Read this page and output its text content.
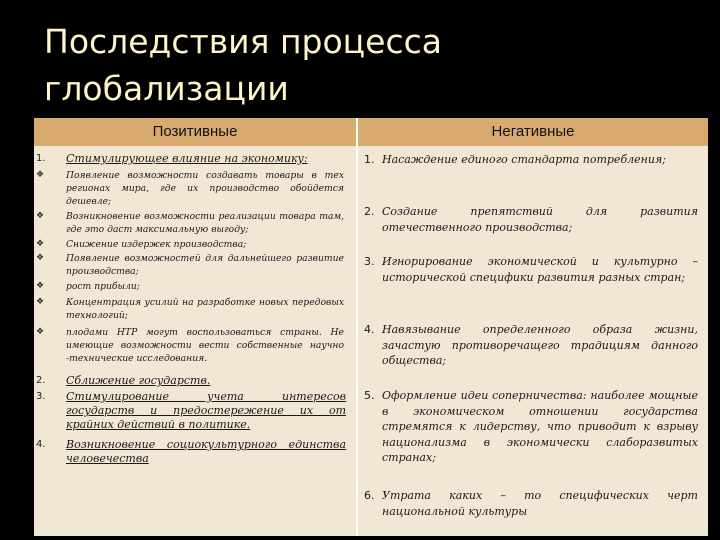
Последствия процесса
глобализации
Позитивные	Негативные
1.	Стимулирующее влияние на экономику:
❖ Появление возможности создавать товары в тех регионах мира, где их производство обойдется дешевле;
❖ Возникновение возможности реализации товара там, где это даст максимальную выгоду;
❖ Снижение издержек производства;
❖ Появление возможностей для дальнейшего развитие производства;
❖ рост прибыли;
❖ Концентрация усилий на разработке новых передовых технологий;
❖ плодами НТР могут воспользоваться страны. Не имеющие возможности вести собственные научно -технические исследования.
2.	Сближение государств.
3.	Стимулирование учета интересов государств и предостережение их от крайних действий в политике.
4.	Возникновение социокультурного единства человечества
1. Насаждение единого стандарта потребления;
2. Создание препятствий для развития отечественного производства;
3. Игнорирование экономической и культурно – исторической специфики развития разных стран;
4. Навязывание определенного образа жизни, зачастую противоречащего традициям данного общества;
5. Оформление идеи соперничества: наиболее мощные в экономическом отношении государства стремятся к лидерству, что приводит к взрыву национализма в экономически слаборазвитых странах;
6. Утрата каких – то специфических черт национальной культуры
